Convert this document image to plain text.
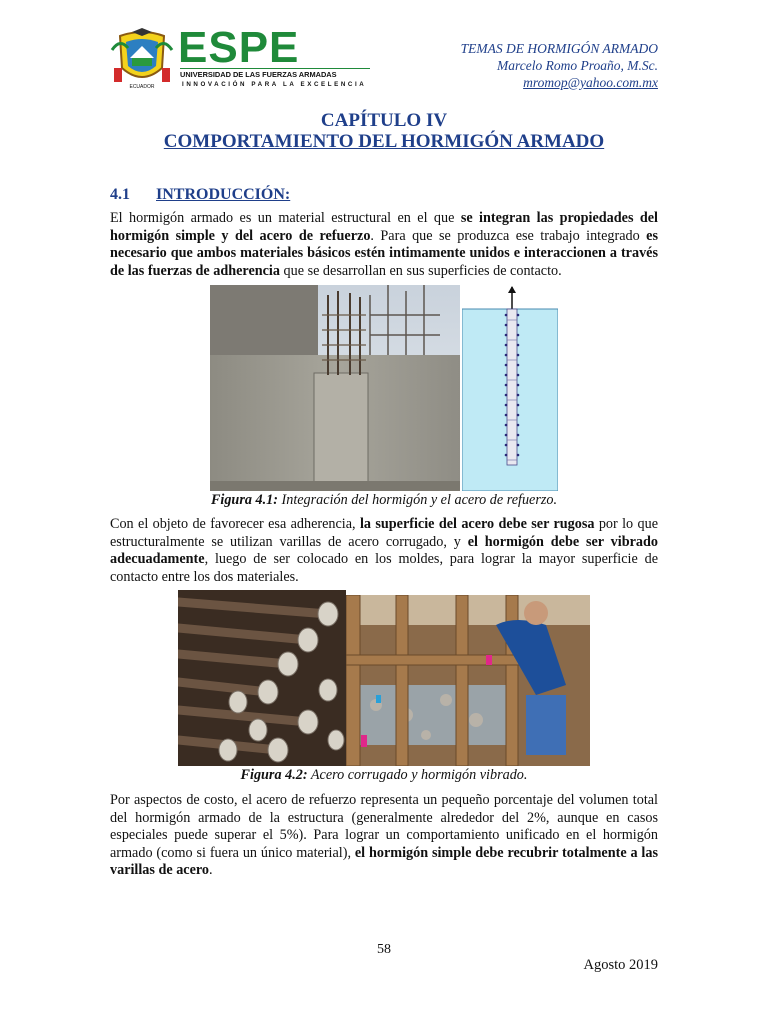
ECUADOR
ESPE
UNIVERSIDAD DE LAS FUERZAS ARMADAS
INNOVACIÓN PARA LA EXCELENCIA
TEMAS DE HORMIGÓN ARMADO
Marcelo Romo Proaño, M.Sc.
mromop@yahoo.com.mx
CAPÍTULO IV
COMPORTAMIENTO DEL HORMIGÓN ARMADO
4.1 INTRODUCCIÓN:
El hormigón armado es un material estructural en el que se integran las propiedades del hormigón simple y del acero de refuerzo. Para que se produzca ese trabajo integrado es necesario que ambos materiales básicos estén intimamente unidos e interaccionen a través de las fuerzas de adherencia que se desarrollan en sus superficies de contacto.
Figura 4.1: Integración del hormigón y el acero de refuerzo.
Con el objeto de favorecer esa adherencia, la superficie del acero debe ser rugosa por lo que estructuralmente se utilizan varillas de acero corrugado, y el hormigón debe ser vibrado adecuadamente, luego de ser colocado en los moldes, para lograr la mayor superficie de contacto entre los dos materiales.
Figura 4.2: Acero corrugado y hormigón vibrado.
Por aspectos de costo, el acero de refuerzo representa un pequeño porcentaje del volumen total del hormigón armado de la estructura (generalmente alrededor del 2%, aunque en casos especiales puede superar el 5%). Para lograr un comportamiento unificado en el hormigón armado (como si fuera un único material), el hormigón simple debe recubrir totalmente a las varillas de acero.
58
Agosto 2019
